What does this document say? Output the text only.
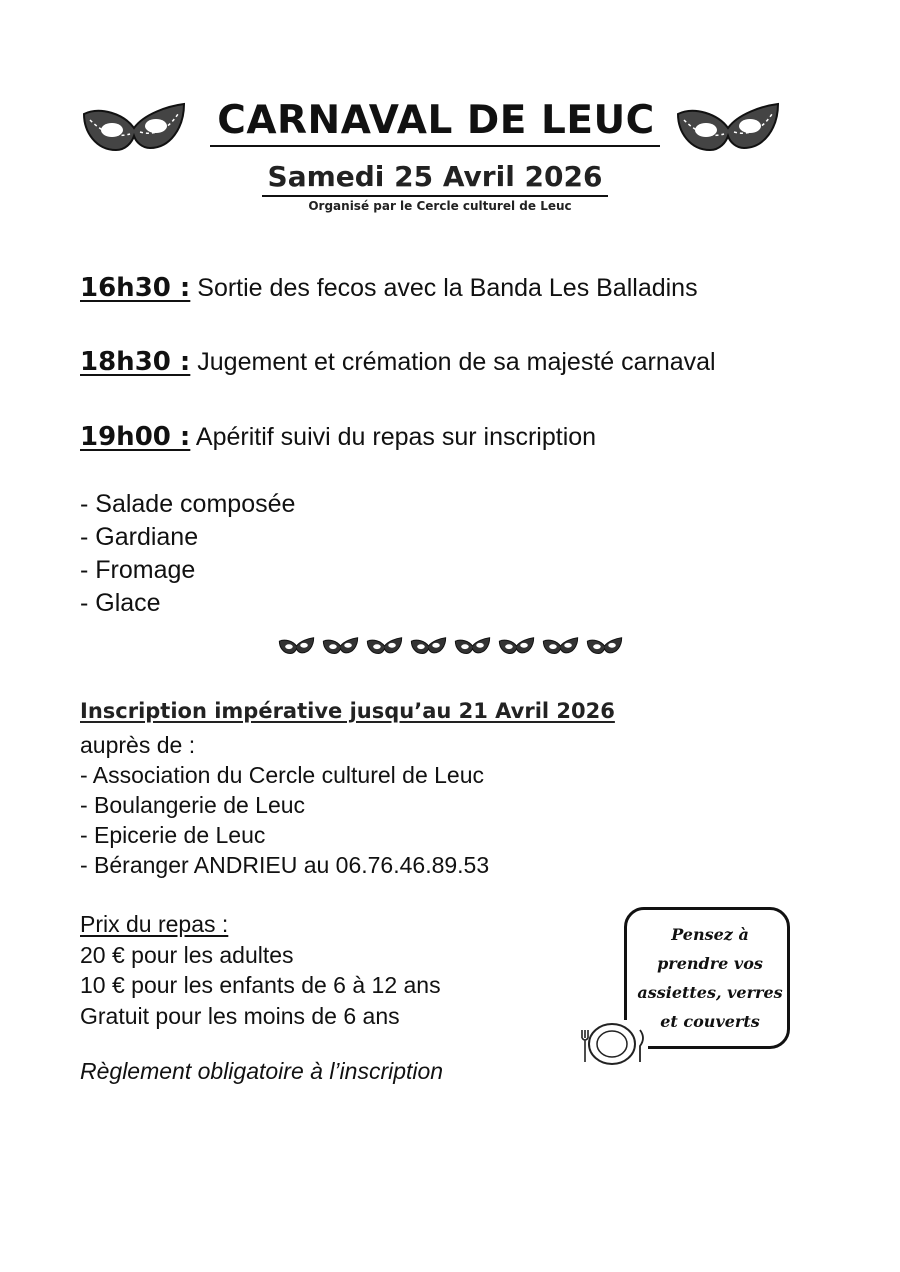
CARNAVAL DE LEUC
Samedi 25 Avril 2026
Organisé par le Cercle culturel de Leuc
16h30 : Sortie des fecos avec la Banda Les Balladins
18h30 : Jugement et crémation de sa majesté carnaval
19h00 : Apéritif suivi du repas sur inscription
- Salade composée
- Gardiane
- Fromage
- Glace
Inscription impérative jusqu’au 21 Avril 2026
auprès de :
- Association du Cercle culturel de Leuc
- Boulangerie de Leuc
- Epicerie de Leuc
- Béranger ANDRIEU au 06.76.46.89.53
Prix du repas :
20 € pour les adultes
10 € pour les enfants de 6 à 12 ans
Gratuit pour les moins de 6 ans
Règlement obligatoire à l’inscription
Pensez à
prendre vos
assiettes, verres
et couverts
